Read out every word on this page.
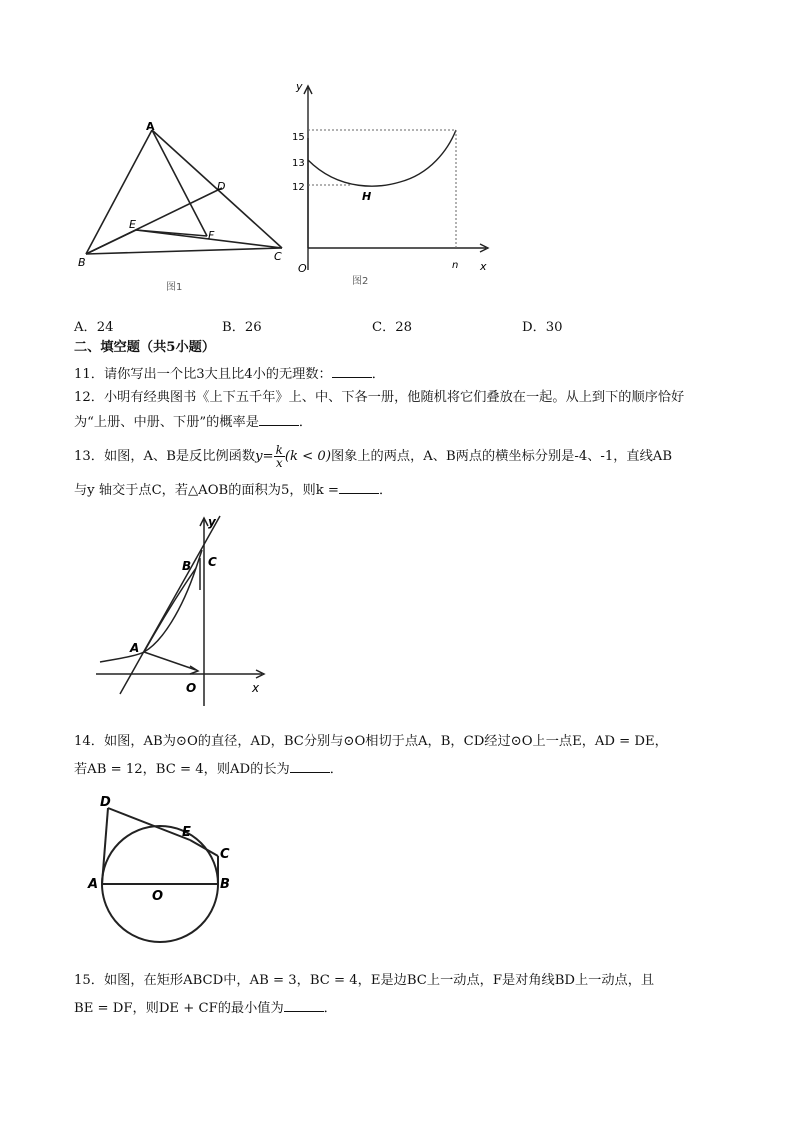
A
D
E
F
B	C
图1
y
15
13
12
H
O	n x
图2
A．24	B．26	C．28	D．30
二、填空题（共5小题）
11．请你写出一个比3大且比4小的无理数：	．
12．小明有经典图书《上下五千年》上、中、下各一册，他随机将它们叠放在一起。从上到下的顺序恰好
为“上册、中册、下册”的概率是	．
13．如图，A、B是反比例函数$y= \frac{k}{x} (k < 0)$图象上的两点，A、B两点的横坐标分别是-4、-1，直线AB
与y 轴交于点C，若△AOB的面积为5，则k =	．
y
B C
A
O	x
14．如图，AB为⊙O的直径，AD，BC分别与⊙O相切于点A，B，CD经过⊙O上一点E，AD = DE，
若AB = 12，BC = 4，则AD的长为	．
D
E
C
A
O
B
15．如图，在矩形ABCD中，AB = 3，BC = 4，E是边BC上一动点，F是对角线BD上一动点，且
BE = DF，则DE + CF的最小值为	．
